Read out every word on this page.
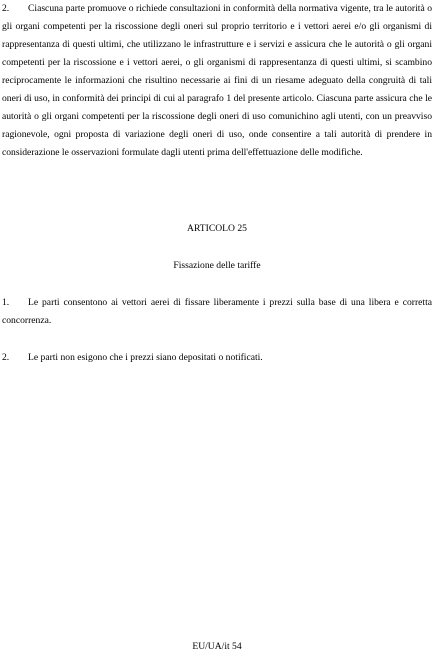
2. Ciascuna parte promuove o richiede consultazioni in conformità della normativa vigente, tra le autorità o gli organi competenti per la riscossione degli oneri sul proprio territorio e i vettori aerei e/o gli organismi di rappresentanza di questi ultimi, che utilizzano le infrastrutture e i servizi e assicura che le autorità o gli organi competenti per la riscossione e i vettori aerei, o gli organismi di rappresentanza di questi ultimi, si scambino reciprocamente le informazioni che risultino necessarie ai fini di un riesame adeguato della congruità di tali oneri di uso, in conformità dei principi di cui al paragrafo 1 del presente articolo. Ciascuna parte assicura che le autorità o gli organi competenti per la riscossione degli oneri di uso comunichino agli utenti, con un preavviso ragionevole, ogni proposta di variazione degli oneri di uso, onde consentire a tali autorità di prendere in considerazione le osservazioni formulate dagli utenti prima dell'effettuazione delle modifiche.

ARTICOLO 25

Fissazione delle tariffe

1. Le parti consentono ai vettori aerei di fissare liberamente i prezzi sulla base di una libera e corretta concorrenza.

2. Le parti non esigono che i prezzi siano depositati o notificati.

EU/UA/it 54
